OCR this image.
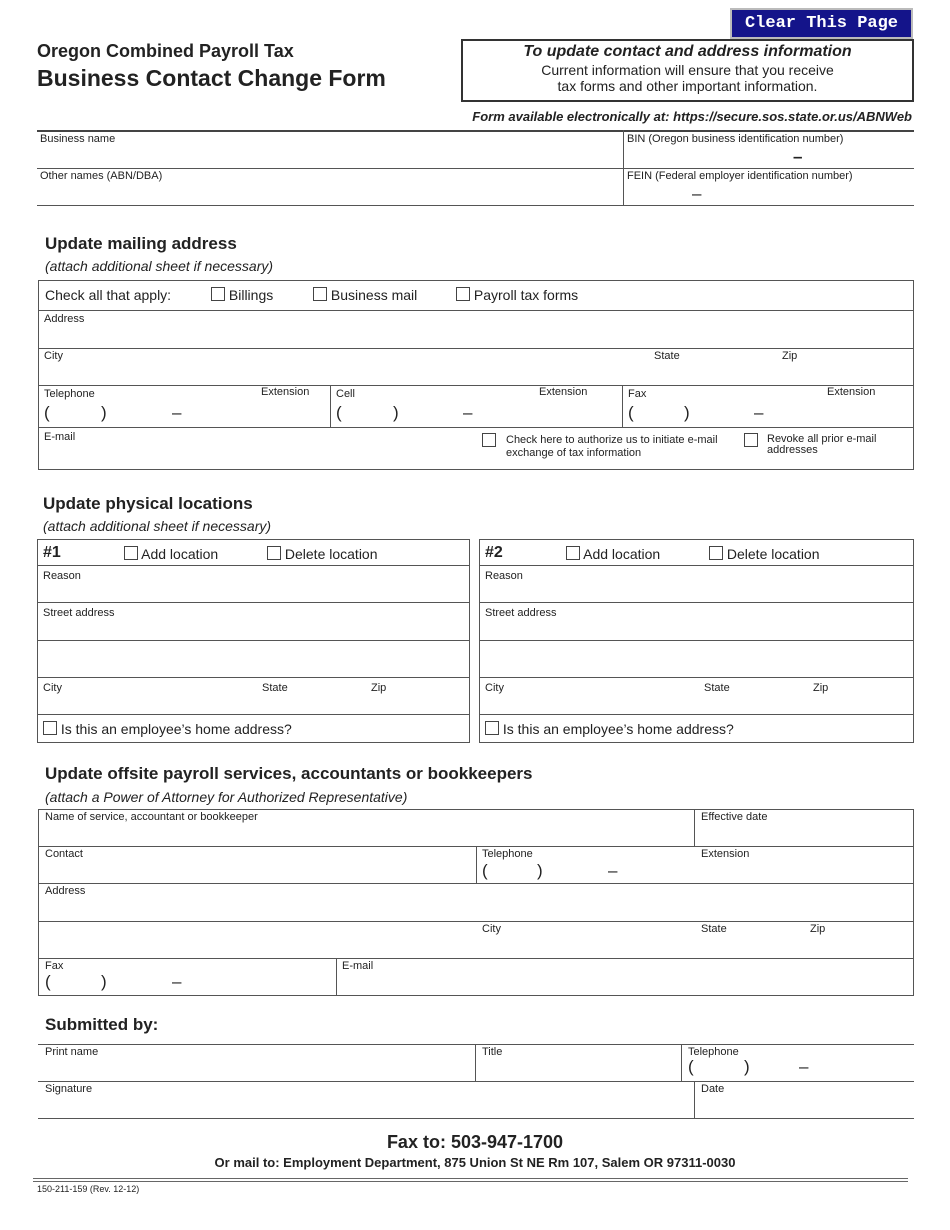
Clear This Page
Oregon Combined Payroll Tax
Business Contact Change Form
To update contact and address information
Current information will ensure that you receive
tax forms and other important information.
Form available electronically at: https://secure.sos.state.or.us/ABNWeb
Business name	BIN (Oregon business identification number)
–
Other names (ABN/DBA)	FEIN (Federal employer identification number)
–
Update mailing address
(attach additional sheet if necessary)
Check all that apply:	Billings	Business mail	Payroll tax forms
Address
City	State	Zip
Telephone	Extension
(	)	–
Cell	Extension
(	)	–
Fax	Extension
(	)	–
E-mail	Check here to authorize us to initiate e-mail
exchange of tax information
Revoke all prior e-mail
addresses
Update physical locations
(attach additional sheet if necessary)
#1	Add location	Delete location
Reason
Street address
City	State	Zip
Is this an employee’s home address?
#2	Add location	Delete location
Reason
Street address
City	State	Zip
Is this an employee’s home address?
Update offsite payroll services, accountants or bookkeepers
(attach a Power of Attorney for Authorized Representative)
Name of service, accountant or bookkeeper	Effective date
Contact	Telephone
(	)	–
Extension
Address
City	State	Zip
Fax
(	)	–
E-mail
Submitted by:
Print name	Title	Telephone
(	)	–
Signature	Date
Fax to: 503-947-1700
Or mail to: Employment Department, 875 Union St NE Rm 107, Salem OR 97311-0030
150-211-159 (Rev. 12-12)
